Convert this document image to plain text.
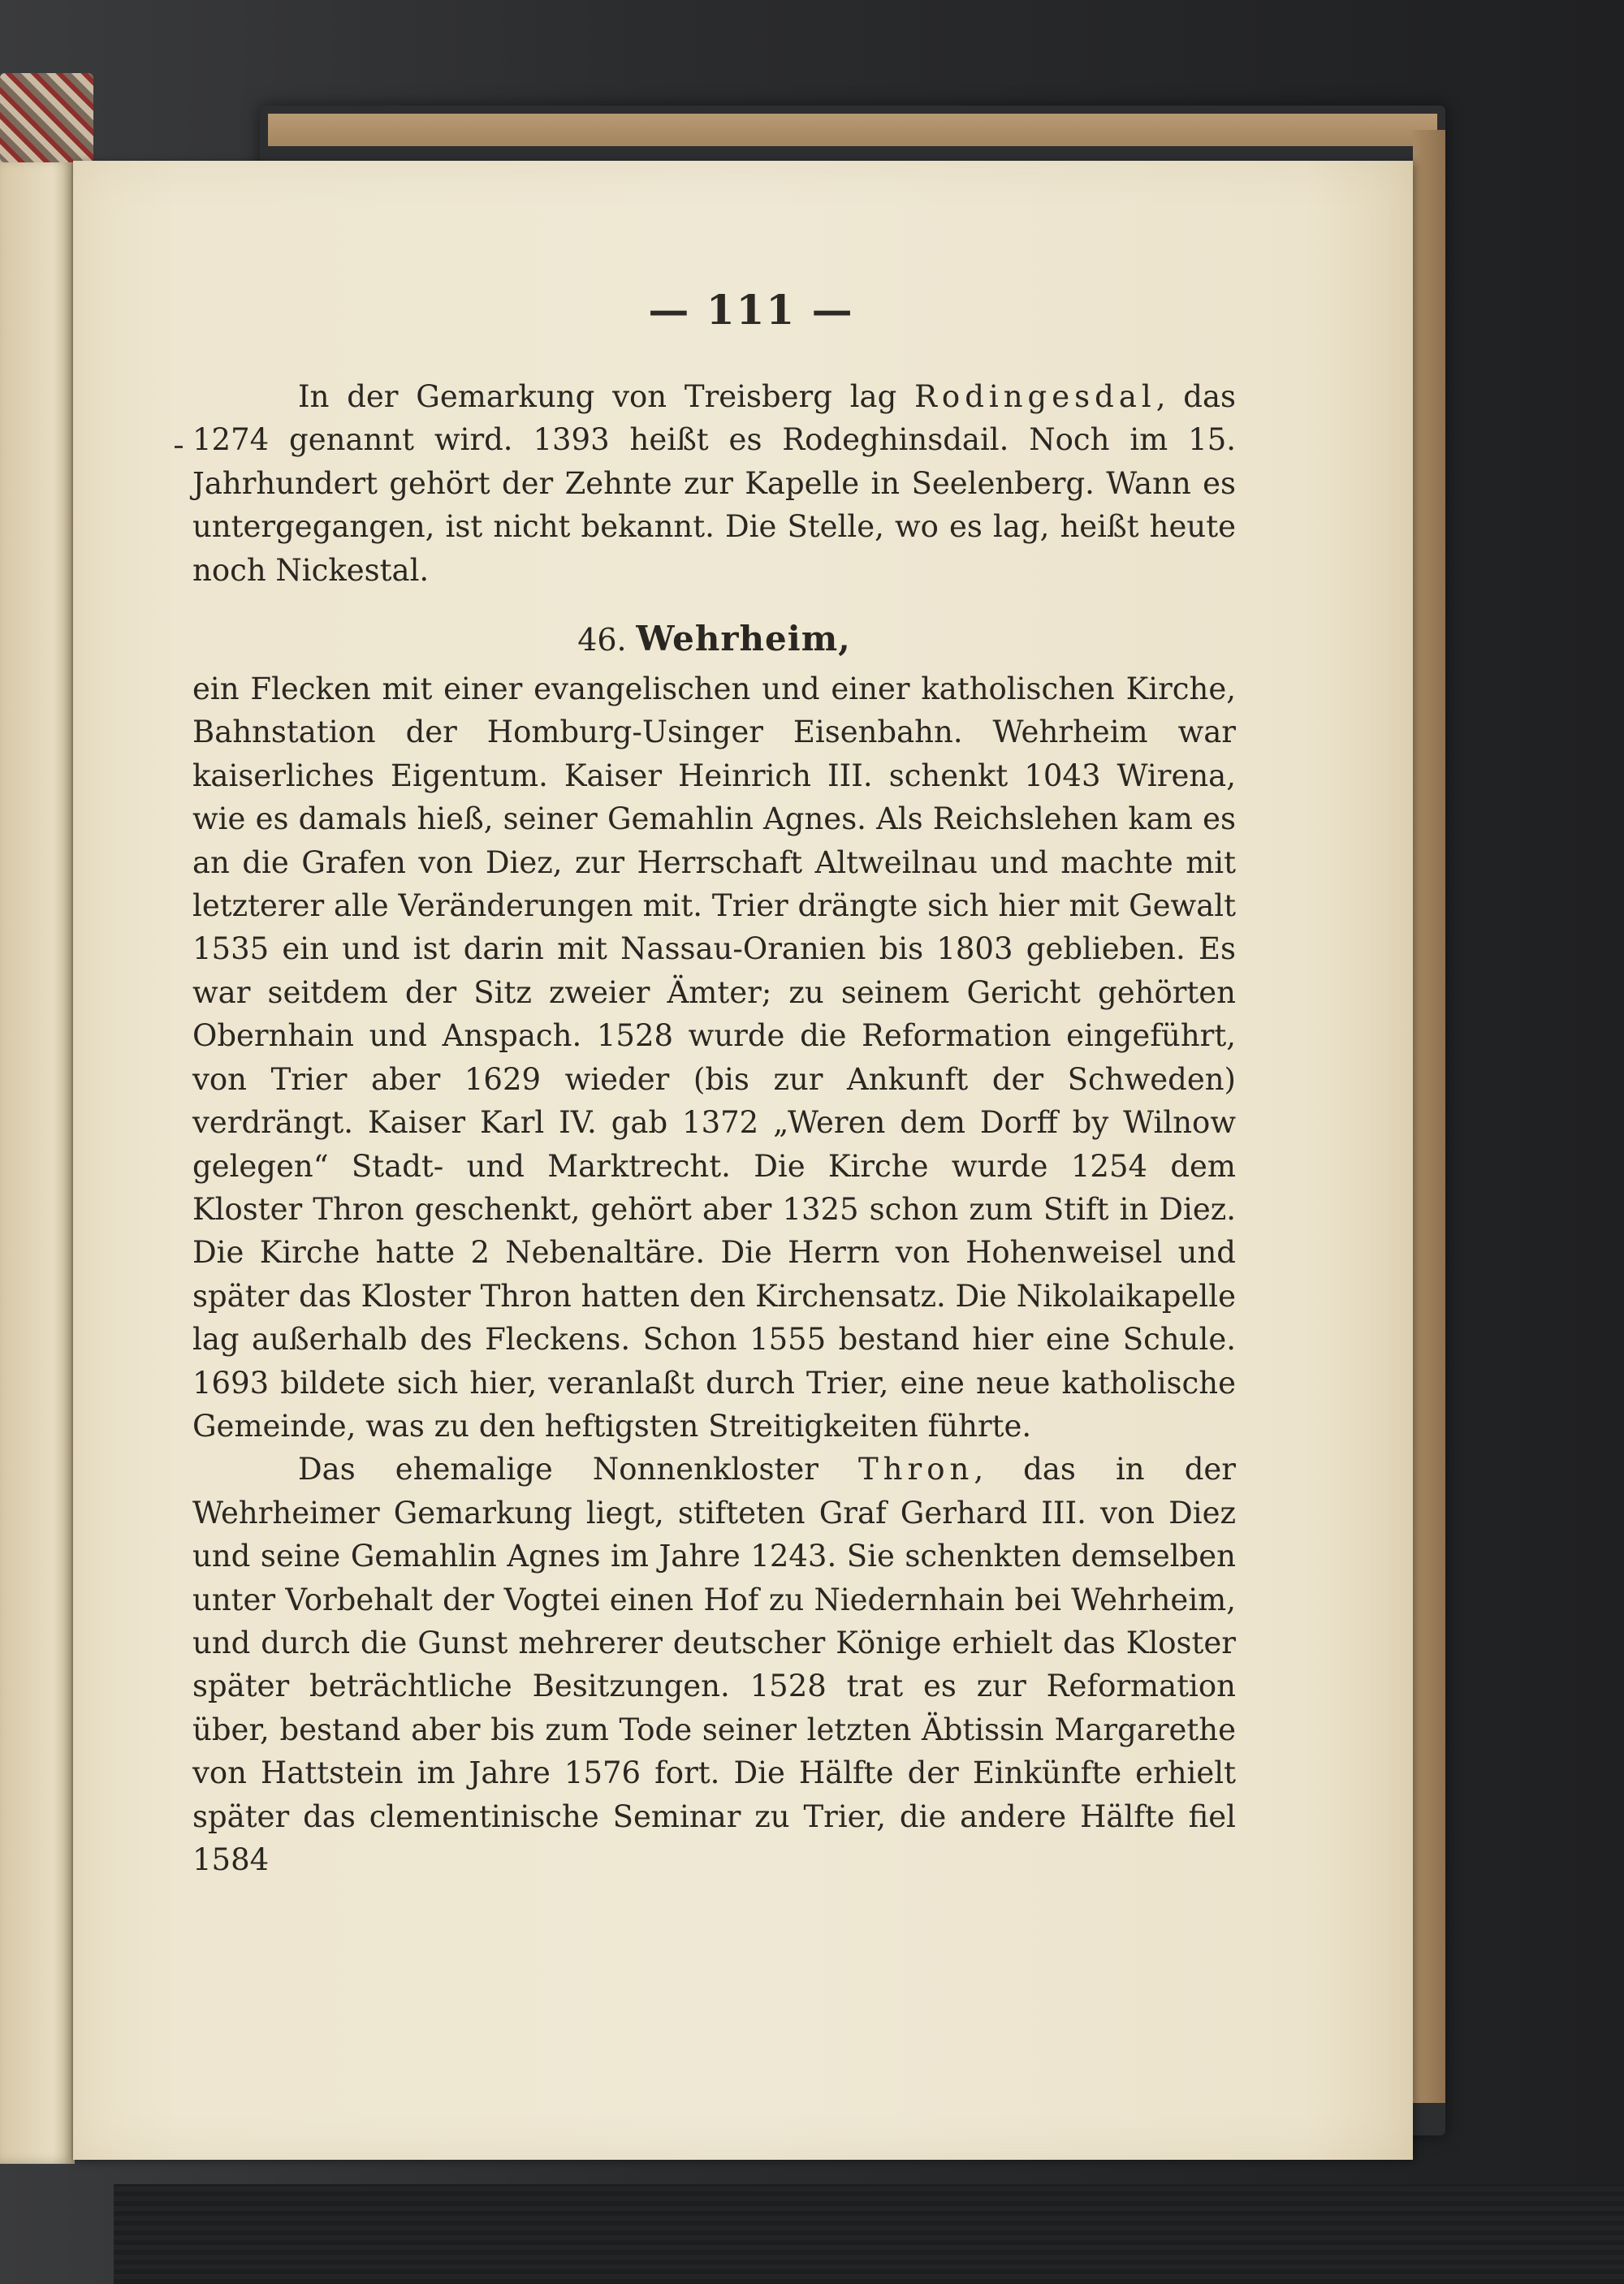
— 111 —

In der Gemarkung von Treisberg lag Rodingesdal, das 1274 genannt wird. 1393 heißt es Rodeghinsdail. Noch im 15. Jahrhundert gehört der Zehnte zur Kapelle in Seelenberg. Wann es untergegangen, ist nicht bekannt. Die Stelle, wo es lag, heißt heute noch Nickestal.

46. Wehrheim,

ein Flecken mit einer evangelischen und einer katholischen Kirche, Bahnstation der Homburg-Usinger Eisenbahn. Wehrheim war kaiserliches Eigentum. Kaiser Heinrich III. schenkt 1043 Wirena, wie es damals hieß, seiner Gemahlin Agnes. Als Reichslehen kam es an die Grafen von Diez, zur Herrschaft Altweilnau und machte mit letzterer alle Veränderungen mit. Trier drängte sich hier mit Gewalt 1535 ein und ist darin mit Nassau-Oranien bis 1803 geblieben. Es war seitdem der Sitz zweier Ämter; zu seinem Gericht gehörten Obernhain und Anspach. 1528 wurde die Reformation eingeführt, von Trier aber 1629 wieder (bis zur Ankunft der Schweden) verdrängt. Kaiser Karl IV. gab 1372 „Weren dem Dorff by Wilnow gelegen“ Stadt- und Marktrecht. Die Kirche wurde 1254 dem Kloster Thron geschenkt, gehört aber 1325 schon zum Stift in Diez. Die Kirche hatte 2 Nebenaltäre. Die Herrn von Hohenweisel und später das Kloster Thron hatten den Kirchensatz. Die Nikolaikapelle lag außerhalb des Fleckens. Schon 1555 bestand hier eine Schule. 1693 bildete sich hier, veranlaßt durch Trier, eine neue katholische Gemeinde, was zu den heftigsten Streitigkeiten führte.

Das ehemalige Nonnenkloster Thron, das in der Wehrheimer Gemarkung liegt, stifteten Graf Gerhard III. von Diez und seine Gemahlin Agnes im Jahre 1243. Sie schenkten demselben unter Vorbehalt der Vogtei einen Hof zu Niedernhain bei Wehrheim, und durch die Gunst mehrerer deutscher Könige erhielt das Kloster später beträchtliche Besitzungen. 1528 trat es zur Reformation über, bestand aber bis zum Tode seiner letzten Äbtissin Margarethe von Hattstein im Jahre 1576 fort. Die Hälfte der Einkünfte erhielt später das clementinische Seminar zu Trier, die andere Hälfte fiel 1584
